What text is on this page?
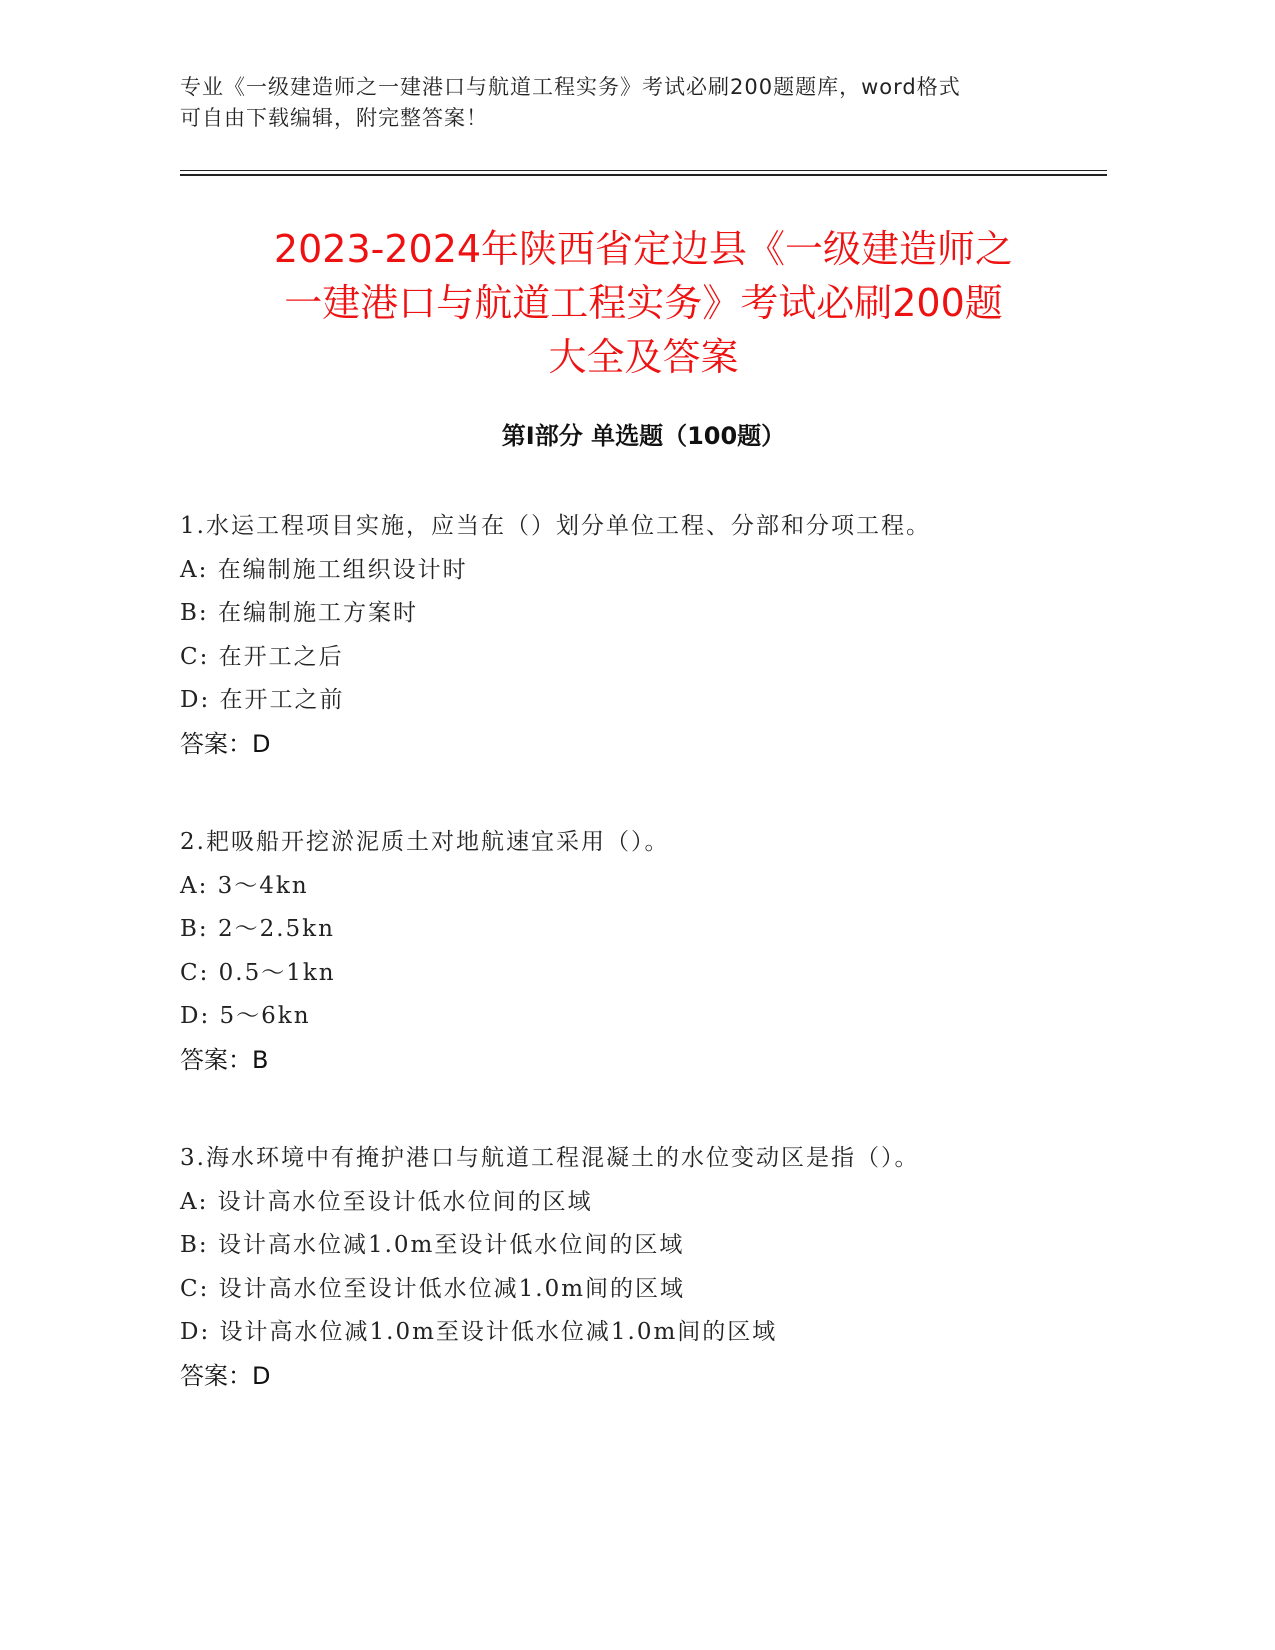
专业《一级建造师之一建港口与航道工程实务》考试必刷200题题库，word格式
可自由下载编辑，附完整答案！
2023-2024年陕西省定边县《一级建造师之
一建港口与航道工程实务》考试必刷200题
大全及答案
第Ⅰ部分 单选题（100题）
1.水运工程项目实施，应当在（）划分单位工程、分部和分项工程。
A: 在编制施工组织设计时
B: 在编制施工方案时
C: 在开工之后
D: 在开工之前
答案：D
2.耙吸船开挖淤泥质土对地航速宜采用（）。
A: 3～4kn
B: 2～2.5kn
C: 0.5～1kn
D: 5～6kn
答案：B
3.海水环境中有掩护港口与航道工程混凝土的水位变动区是指（）。
A: 设计高水位至设计低水位间的区域
B: 设计高水位减1.0m至设计低水位间的区域
C: 设计高水位至设计低水位减1.0m间的区域
D: 设计高水位减1.0m至设计低水位减1.0m间的区域
答案：D
